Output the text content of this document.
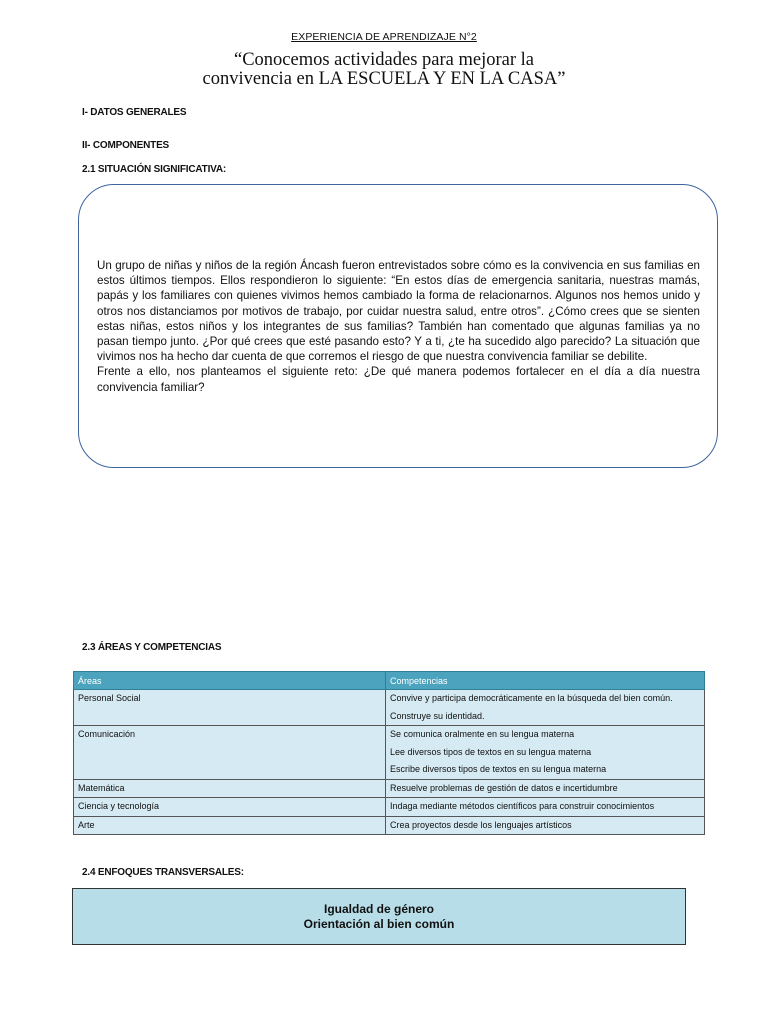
EXPERIENCIA DE APRENDIZAJE N°2
“Conocemos actividades para mejorar la
convivencia en LA ESCUELA Y EN LA CASA”
I- DATOS GENERALES
II- COMPONENTES
2.1 SITUACIÓN SIGNIFICATIVA:

Un grupo de niñas y niños de la región Áncash fueron entrevistados sobre cómo es la convivencia en sus familias en estos últimos tiempos. Ellos respondieron lo siguiente: “En estos días de emergencia sanitaria, nuestras mamás, papás y los familiares con quienes vivimos hemos cambiado la forma de relacionarnos. Algunos nos hemos unido y otros nos distanciamos por motivos de trabajo, por cuidar nuestra salud, entre otros”. ¿Cómo crees que se sienten estas niñas, estos niños y los integrantes de sus familias? También han comentado que algunas familias ya no pasan tiempo junto. ¿Por qué crees que esté pasando esto? Y a ti, ¿te ha sucedido algo parecido? La situación que vivimos nos ha hecho dar cuenta de que corremos el riesgo de que nuestra convivencia familiar se debilite.

Frente a ello, nos planteamos el siguiente reto: ¿De qué manera podemos fortalecer en el día a día nuestra convivencia familiar?

2.3 ÁREAS Y COMPETENCIAS
Áreas	Competencias

Personal Social	Convive y participa democráticamente en la búsqueda del bien común.
Construye su identidad.

Comunicación	Se comunica oralmente en su lengua materna
Lee diversos tipos de textos en su lengua materna
Escribe diversos tipos de textos en su lengua materna

Matemática	Resuelve problemas de gestión de datos e incertidumbre

Ciencia y tecnología	Indaga mediante métodos científicos para construir conocimientos

Arte	Crea proyectos desde los lenguajes artísticos
2.4 ENFOQUES TRANSVERSALES:
Igualdad de género
Orientación al bien común
